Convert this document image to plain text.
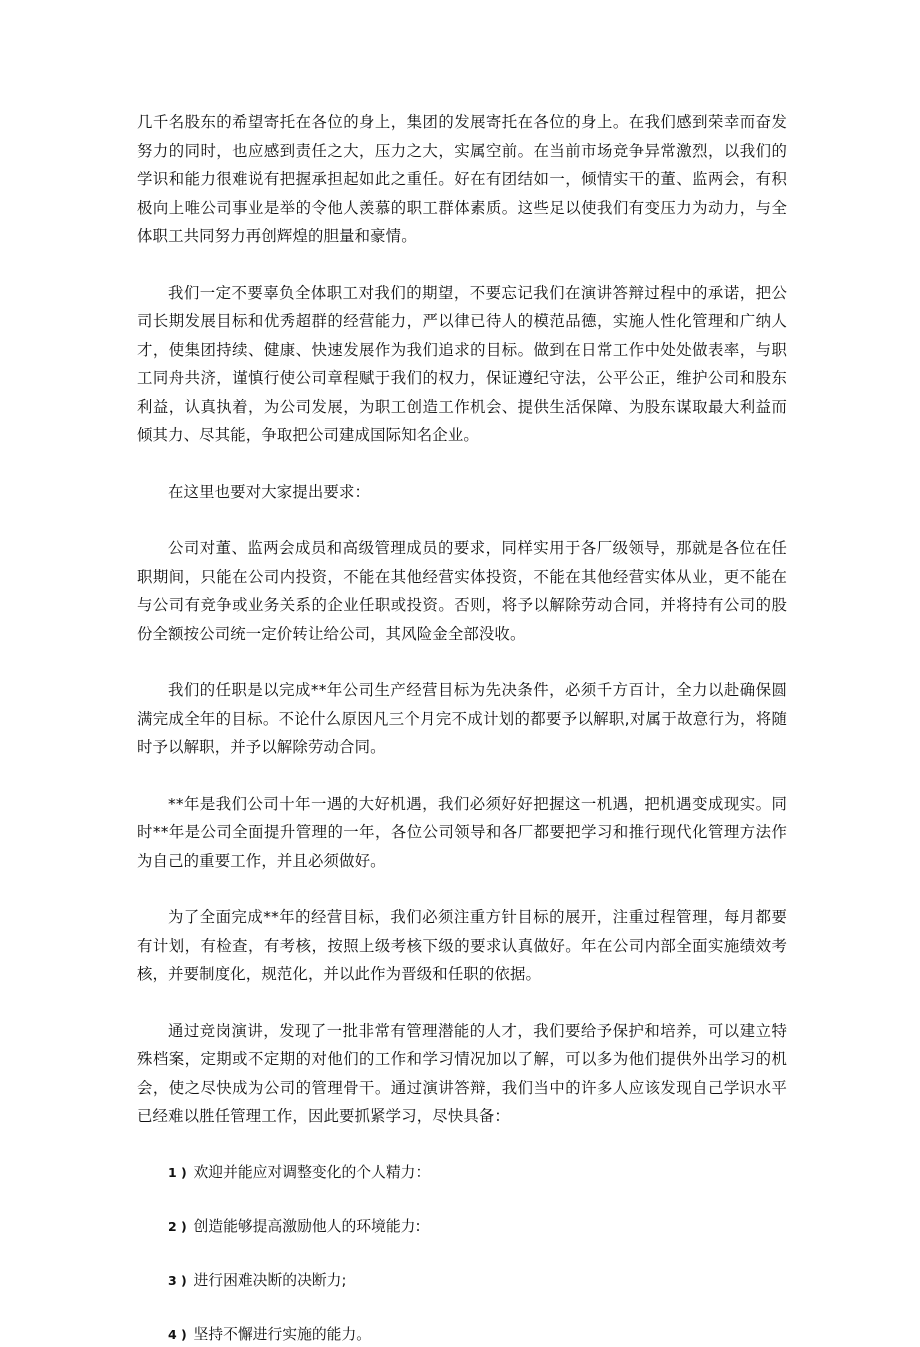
几千名股东的希望寄托在各位的身上，集团的发展寄托在各位的身上。在我们感到荣幸而奋发努力的同时，也应感到责任之大，压力之大，实属空前。在当前市场竞争异常激烈，以我们的学识和能力很难说有把握承担起如此之重任。好在有团结如一，倾情实干的董、监两会，有积极向上唯公司事业是举的令他人羡慕的职工群体素质。这些足以使我们有变压力为动力，与全体职工共同努力再创辉煌的胆量和豪情。

我们一定不要辜负全体职工对我们的期望，不要忘记我们在演讲答辩过程中的承诺，把公司长期发展目标和优秀超群的经营能力，严以律已待人的模范品德，实施人性化管理和广纳人才，使集团持续、健康、快速发展作为我们追求的目标。做到在日常工作中处处做表率，与职工同舟共济，谨慎行使公司章程赋于我们的权力，保证遵纪守法，公平公正，维护公司和股东利益，认真执着，为公司发展，为职工创造工作机会、提供生活保障、为股东谋取最大利益而倾其力、尽其能，争取把公司建成国际知名企业。

在这里也要对大家提出要求：

公司对董、监两会成员和高级管理成员的要求，同样实用于各厂级领导，那就是各位在任职期间，只能在公司内投资，不能在其他经营实体投资，不能在其他经营实体从业，更不能在与公司有竞争或业务关系的企业任职或投资。否则，将予以解除劳动合同，并将持有公司的股份全额按公司统一定价转让给公司，其风险金全部没收。

我们的任职是以完成**年公司生产经营目标为先决条件，必须千方百计，全力以赴确保圆满完成全年的目标。不论什么原因凡三个月完不成计划的都要予以解职,对属于故意行为，将随时予以解职，并予以解除劳动合同。

**年是我们公司十年一遇的大好机遇，我们必须好好把握这一机遇，把机遇变成现实。同时**年是公司全面提升管理的一年，各位公司领导和各厂都要把学习和推行现代化管理方法作为自己的重要工作，并且必须做好。

为了全面完成**年的经营目标，我们必须注重方针目标的展开，注重过程管理，每月都要有计划，有检查，有考核，按照上级考核下级的要求认真做好。年在公司内部全面实施绩效考核，并要制度化，规范化，并以此作为晋级和任职的依据。

通过竞岗演讲，发现了一批非常有管理潜能的人才，我们要给予保护和培养，可以建立特殊档案，定期或不定期的对他们的工作和学习情况加以了解，可以多为他们提供外出学习的机会，使之尽快成为公司的管理骨干。通过演讲答辩，我们当中的许多人应该发现自己学识水平已经难以胜任管理工作，因此要抓紧学习，尽快具备：

1 ) 欢迎并能应对调整变化的个人精力：

2 ) 创造能够提高激励他人的环境能力:

3 ) 进行困难决断的决断力;

4 ) 坚持不懈进行实施的能力。
